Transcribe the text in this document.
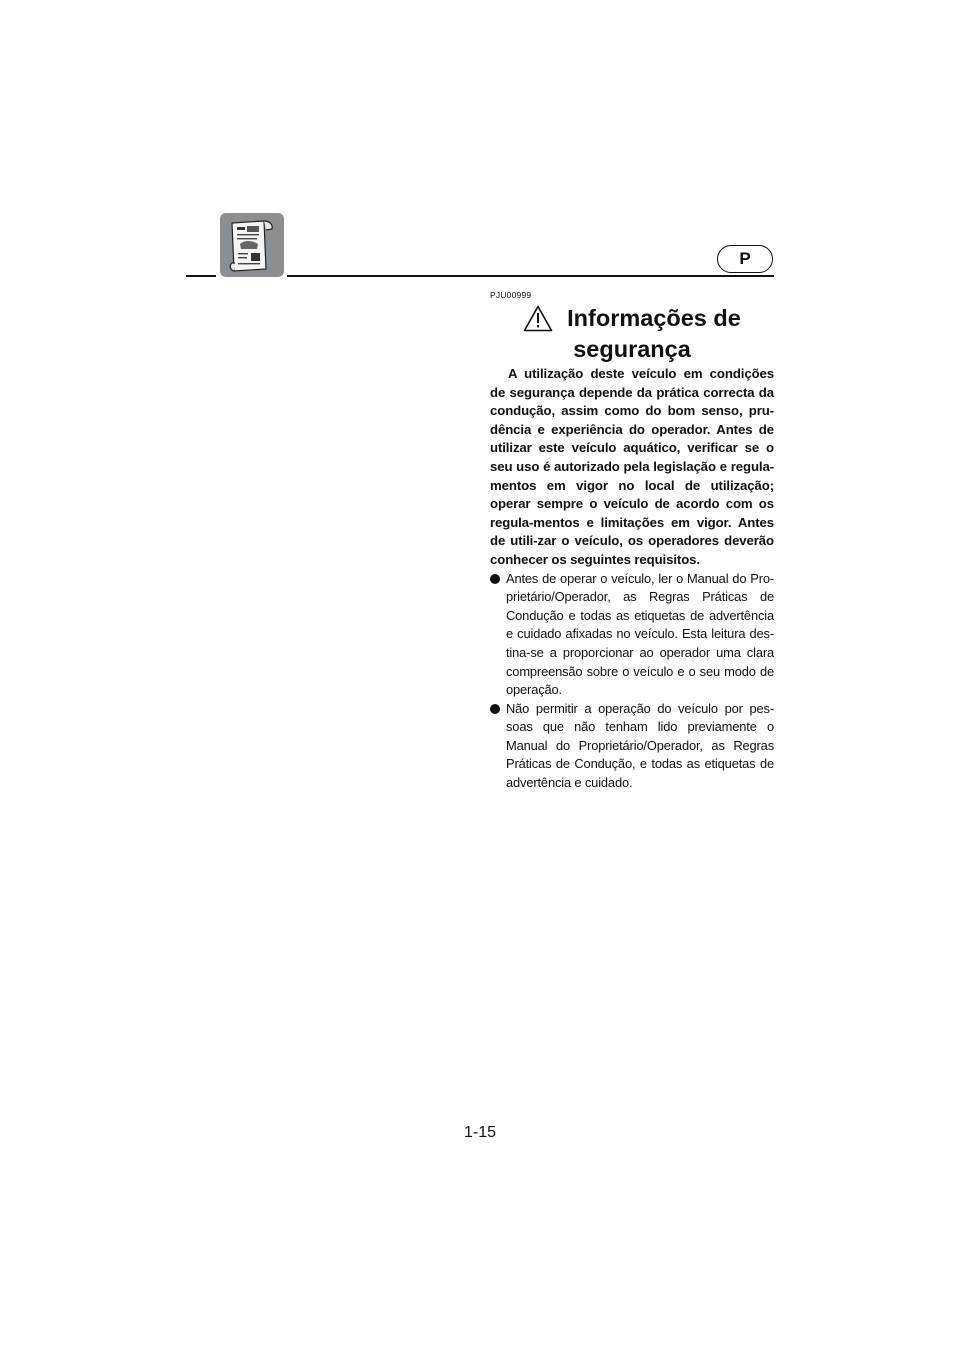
P
PJU00999
Informações de
segurança

A utilização deste veículo em condições de segurança depende da prática correcta da condução, assim como do bom senso, pru-dência e experiência do operador. Antes de utilizar este veículo aquático, verificar se o seu uso é autorizado pela legislação e regula-mentos em vigor no local de utilização; operar sempre o veículo de acordo com os regula-mentos e limitações em vigor. Antes de utili-zar o veículo, os operadores deverão conhecer os seguintes requisitos.

Antes de operar o veículo, ler o Manual do Pro-prietário/Operador, as Regras Práticas de Condução e todas as etiquetas de advertência e cuidado afixadas no veículo. Esta leitura des-tina-se a proporcionar ao operador uma clara compreensão sobre o veículo e o seu modo de operação.
Não permitir a operação do veículo por pes-soas que não tenham lido previamente o Manual do Proprietário/Operador, as Regras Práticas de Condução, e todas as etiquetas de advertência e cuidado.
1-15
